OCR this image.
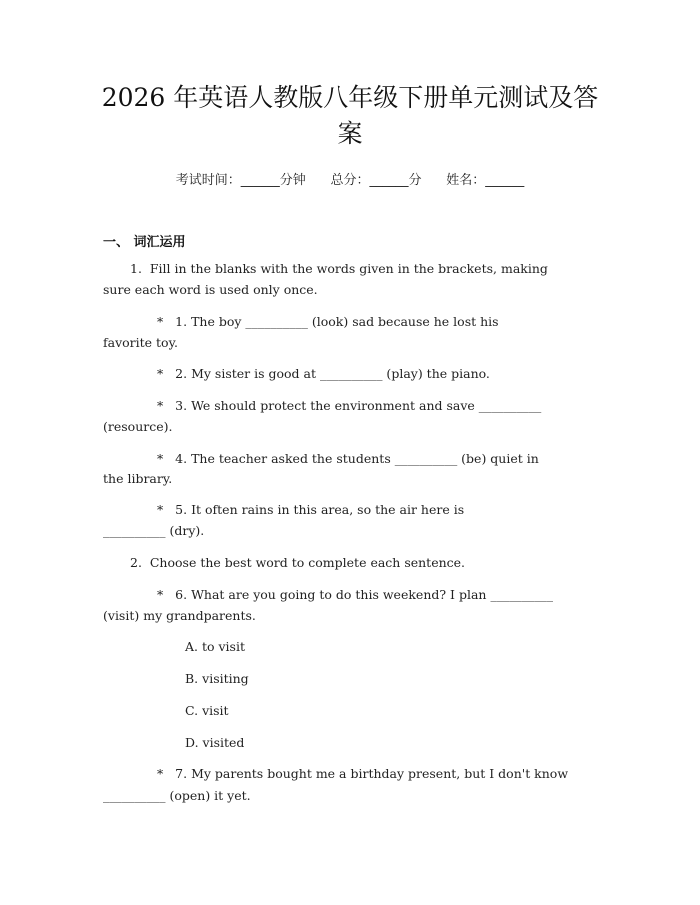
2026 年英语人教版八年级下册单元测试及答
案
考试时间：______分钟      总分：______分      姓名：______
一、 词汇运用
1.  Fill in the blanks with the words given in the brackets, making
sure each word is used only once.
*   1. The boy __________ (look) sad because he lost his
favorite toy.
*   2. My sister is good at __________ (play) the piano.
*   3. We should protect the environment and save __________
(resource).
*   4. The teacher asked the students __________ (be) quiet in
the library.
*   5. It often rains in this area, so the air here is
__________ (dry).
2.  Choose the best word to complete each sentence.
*   6. What are you going to do this weekend? I plan __________
(visit) my grandparents.
A. to visit
B. visiting
C. visit
D. visited
*   7. My parents bought me a birthday present, but I don't know
__________ (open) it yet.
